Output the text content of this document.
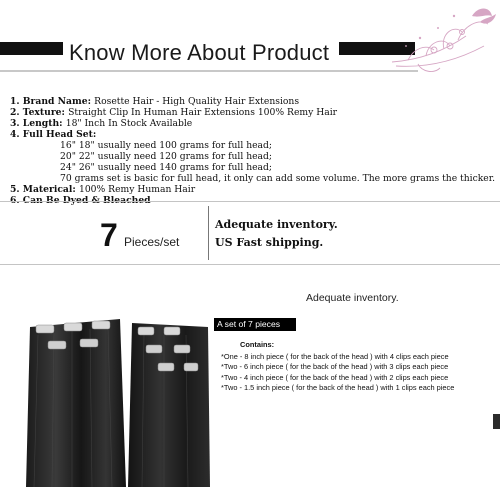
Know More About Product
1. Brand Name: Rosette Hair - High Quality Hair Extensions
2. Texture: Straight Clip In Human Hair Extensions 100% Remy Hair
3. Length: 18" Inch In Stock Available
4. Full Head Set:
16" 18" usually need 100 grams for full head;
20" 22" usually need 120 grams for full head;
24" 26" usually need 140 grams for full head;
70 grams set is basic for full head, it only can add some volume. The more grams the thicker.
5. Materical: 100% Remy Human Hair
7 Pieces/set
Adequate inventory.
US Fast shipping.
Adequate inventory.
A set of 7 pieces
Contains:
*One - 8 inch piece ( for the back of the head ) with 4 clips each piece
*Two - 6 inch piece ( for the back of the head ) with 3 clips each piece
*Two - 4 inch piece ( for the back of the head ) with 2 clips each piece
*Two - 1.5 inch piece ( for the back of the head ) with 1 clips each piece
